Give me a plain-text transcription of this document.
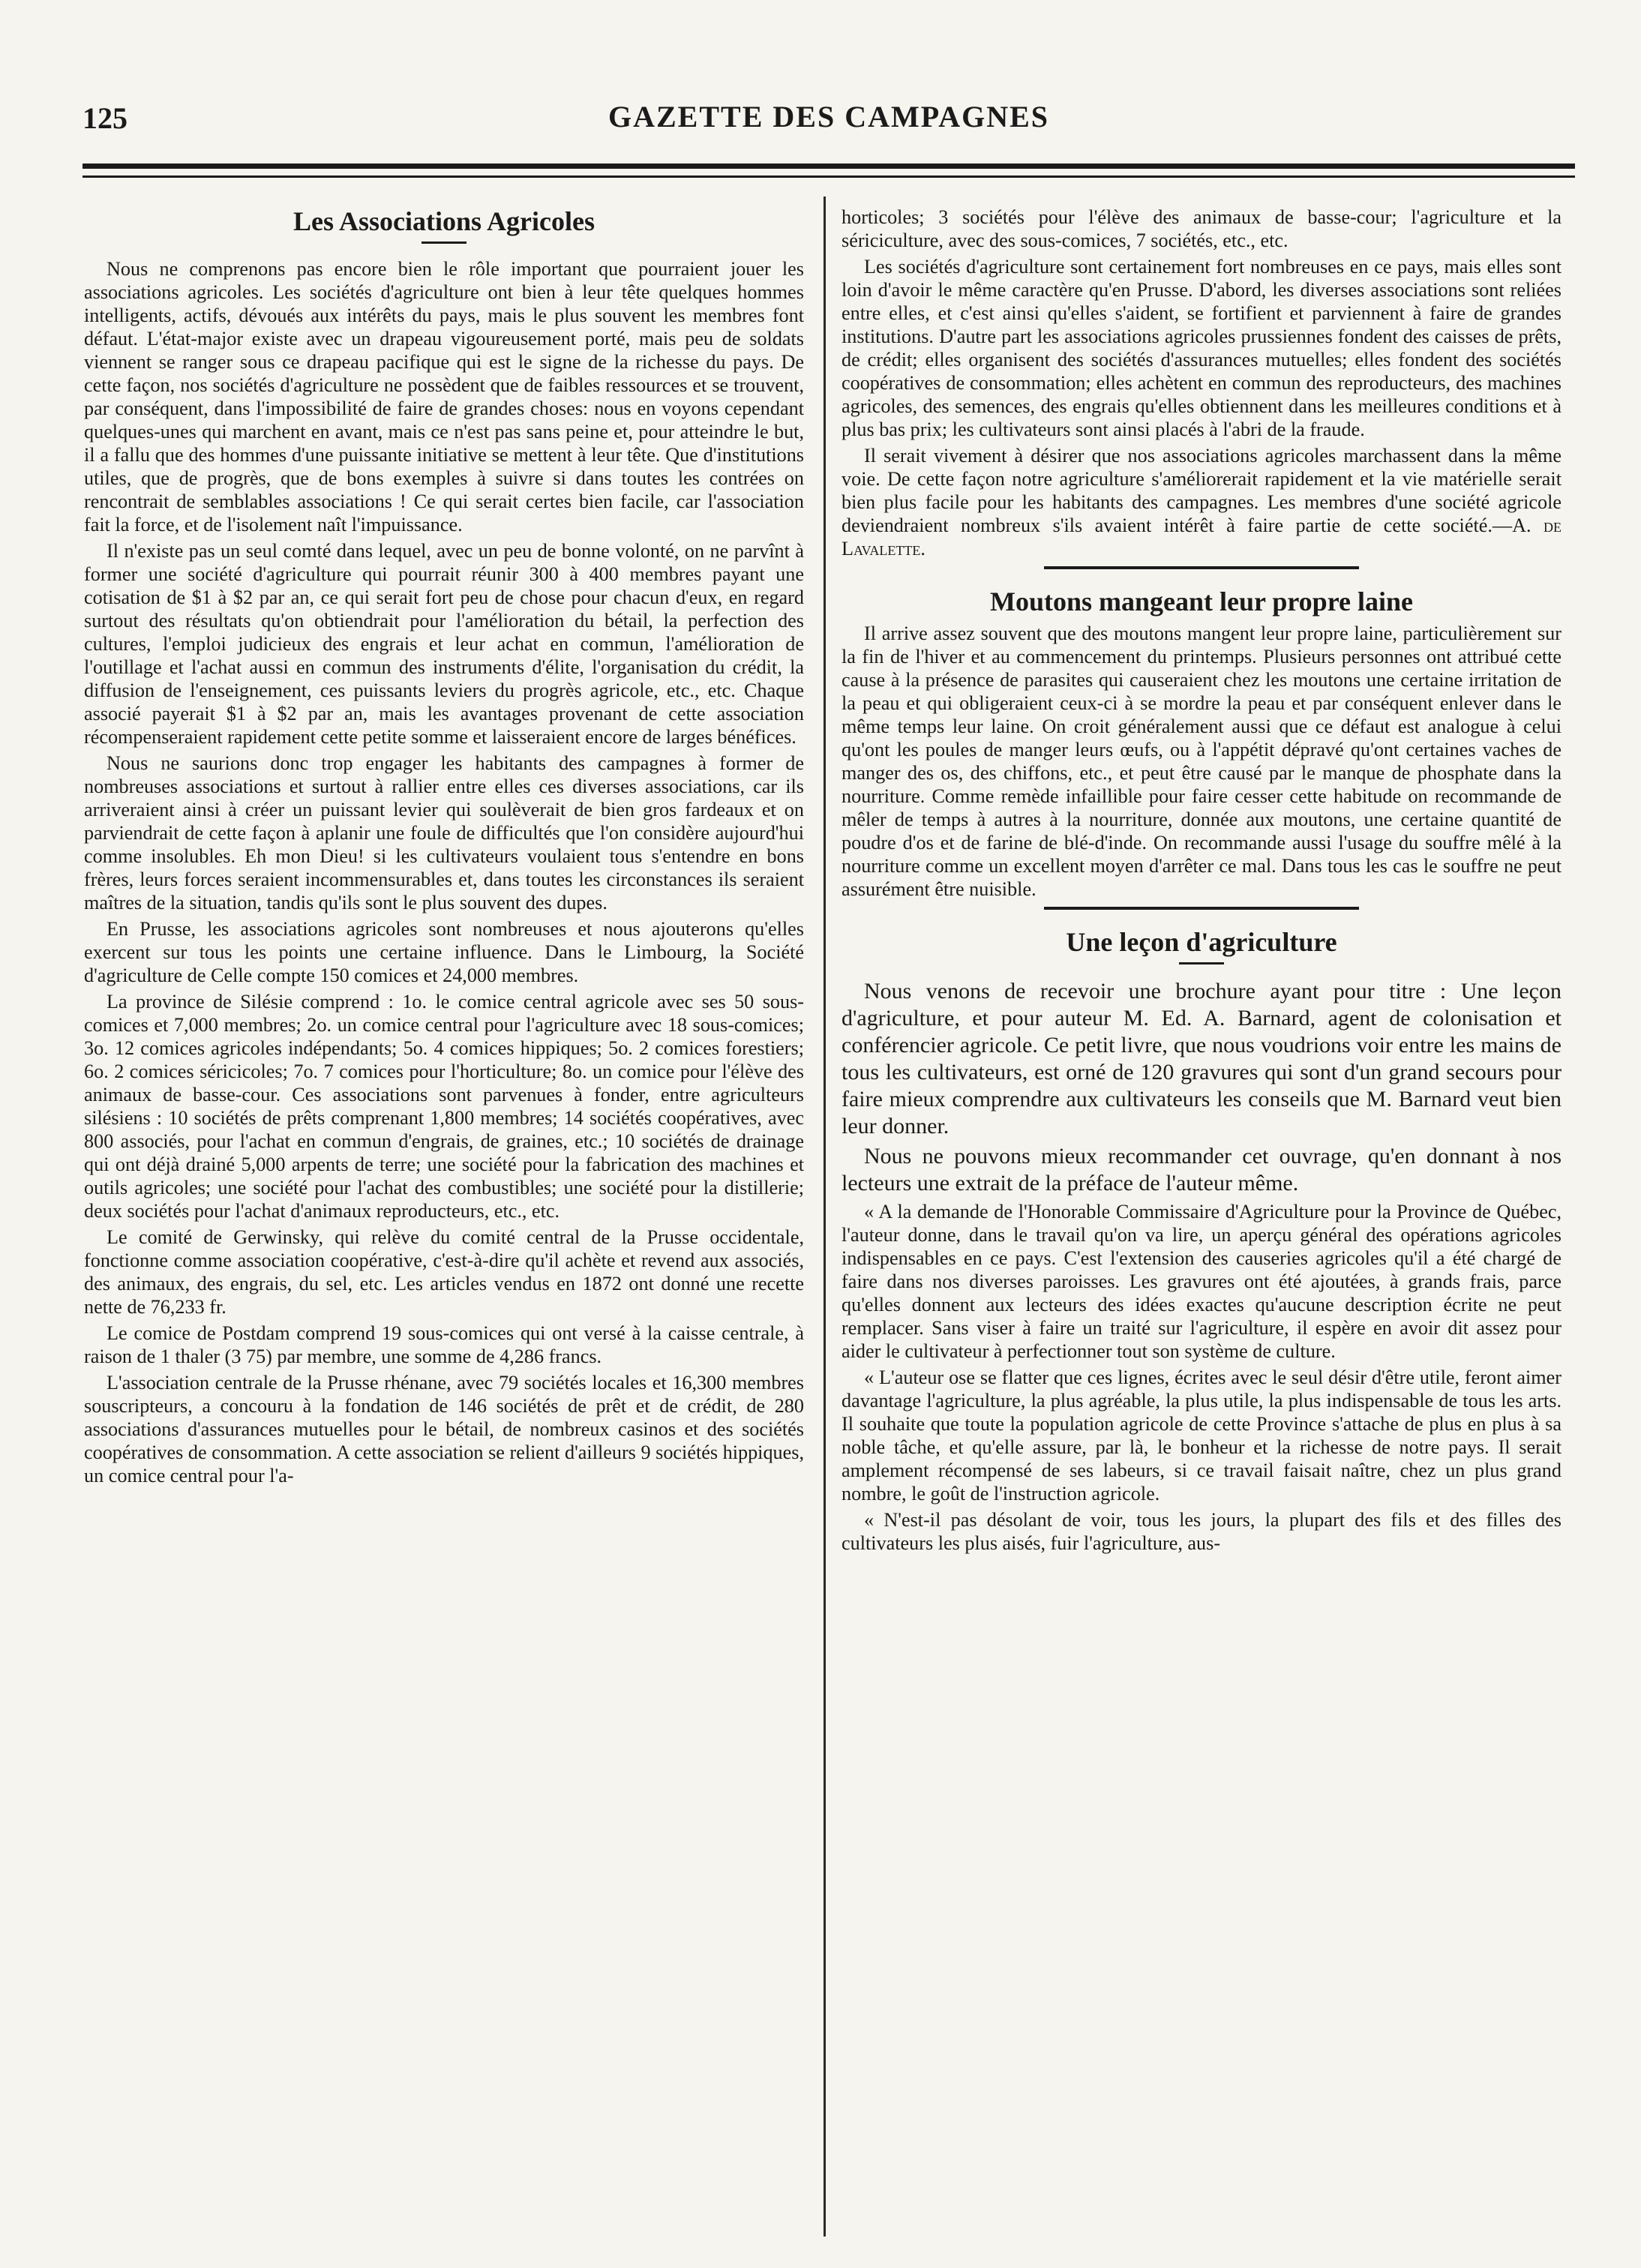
125	GAZETTE DES CAMPAGNES
Les Associations Agricoles

Nous ne comprenons pas encore bien le rôle important que pourraient jouer les associations agricoles. Les sociétés d'agriculture ont bien à leur tête quelques hommes intelligents, actifs, dévoués aux intérêts du pays, mais le plus souvent les membres font défaut. L'état-major existe avec un drapeau vigoureusement porté, mais peu de soldats viennent se ranger sous ce drapeau pacifique qui est le signe de la richesse du pays. De cette façon, nos sociétés d'agriculture ne possèdent que de faibles ressources et se trouvent, par conséquent, dans l'impossibilité de faire de grandes choses: nous en voyons cependant quelques-unes qui marchent en avant, mais ce n'est pas sans peine et, pour atteindre le but, il a fallu que des hommes d'une puissante initiative se mettent à leur tête. Que d'institutions utiles, que de progrès, que de bons exemples à suivre si dans toutes les contrées on rencontrait de semblables associations ! Ce qui serait certes bien facile, car l'association fait la force, et de l'isolement naît l'impuissance.

Il n'existe pas un seul comté dans lequel, avec un peu de bonne volonté, on ne parvînt à former une société d'agriculture qui pourrait réunir 300 à 400 membres payant une cotisation de $1 à $2 par an, ce qui serait fort peu de chose pour chacun d'eux, en regard surtout des résultats qu'on obtiendrait pour l'amélioration du bétail, la perfection des cultures, l'emploi judicieux des engrais et leur achat en commun, l'amélioration de l'outillage et l'achat aussi en commun des instruments d'élite, l'organisation du crédit, la diffusion de l'enseignement, ces puissants leviers du progrès agricole, etc., etc. Chaque associé payerait $1 à $2 par an, mais les avantages provenant de cette association récompenseraient rapidement cette petite somme et laisseraient encore de larges bénéfices.

Nous ne saurions donc trop engager les habitants des campagnes à former de nombreuses associations et surtout à rallier entre elles ces diverses associations, car ils arriveraient ainsi à créer un puissant levier qui soulèverait de bien gros fardeaux et on parviendrait de cette façon à aplanir une foule de difficultés que l'on considère aujourd'hui comme insolubles. Eh mon Dieu! si les cultivateurs voulaient tous s'entendre en bons frères, leurs forces seraient incommensurables et, dans toutes les circonstances ils seraient maîtres de la situation, tandis qu'ils sont le plus souvent des dupes.

En Prusse, les associations agricoles sont nombreuses et nous ajouterons qu'elles exercent sur tous les points une certaine influence. Dans le Limbourg, la Société d'agriculture de Celle compte 150 comices et 24,000 membres.

La province de Silésie comprend : 1o. le comice central agricole avec ses 50 sous-comices et 7,000 membres; 2o. un comice central pour l'agriculture avec 18 sous-comices; 3o. 12 comices agricoles indépendants; 5o. 4 comices hippiques; 5o. 2 comices forestiers; 6o. 2 comices séricicoles; 7o. 7 comices pour l'horticulture; 8o. un comice pour l'élève des animaux de basse-cour. Ces associations sont parvenues à fonder, entre agriculteurs silésiens : 10 sociétés de prêts comprenant 1,800 membres; 14 sociétés coopératives, avec 800 associés, pour l'achat en commun d'engrais, de graines, etc.; 10 sociétés de drainage qui ont déjà drainé 5,000 arpents de terre; une société pour la fabrication des machines et outils agricoles; une société pour l'achat des combustibles; une société pour la distillerie; deux sociétés pour l'achat d'animaux reproducteurs, etc., etc.

Le comité de Gerwinsky, qui relève du comité central de la Prusse occidentale, fonctionne comme association coopérative, c'est-à-dire qu'il achète et revend aux associés, des animaux, des engrais, du sel, etc. Les articles vendus en 1872 ont donné une recette nette de 76,233 fr.

Le comice de Postdam comprend 19 sous-comices qui ont versé à la caisse centrale, à raison de 1 thaler (3 75) par membre, une somme de 4,286 francs.

L'association centrale de la Prusse rhénane, avec 79 sociétés locales et 16,300 membres souscripteurs, a concouru à la fondation de 146 sociétés de prêt et de crédit, de 280 associations d'assurances mutuelles pour le bétail, de nombreux casinos et des sociétés coopératives de consommation. A cette association se relient d'ailleurs 9 sociétés hippiques, un comice central pour l'a-

horticoles; 3 sociétés pour l'élève des animaux de basse-cour; l'agriculture et la sériciculture, avec des sous-comices, 7 sociétés, etc., etc.

Les sociétés d'agriculture sont certainement fort nombreuses en ce pays, mais elles sont loin d'avoir le même caractère qu'en Prusse. D'abord, les diverses associations sont reliées entre elles, et c'est ainsi qu'elles s'aident, se fortifient et parviennent à faire de grandes institutions. D'autre part les associations agricoles prussiennes fondent des caisses de prêts, de crédit; elles organisent des sociétés d'assurances mutuelles; elles fondent des sociétés coopératives de consommation; elles achètent en commun des reproducteurs, des machines agricoles, des semences, des engrais qu'elles obtiennent dans les meilleures conditions et à plus bas prix; les cultivateurs sont ainsi placés à l'abri de la fraude.

Il serait vivement à désirer que nos associations agricoles marchassent dans la même voie. De cette façon notre agriculture s'améliorerait rapidement et la vie matérielle serait bien plus facile pour les habitants des campagnes. Les membres d'une société agricole deviendraient nombreux s'ils avaient intérêt à faire partie de cette société.—A. de Lavalette.

Moutons mangeant leur propre laine

Il arrive assez souvent que des moutons mangent leur propre laine, particulièrement sur la fin de l'hiver et au commencement du printemps. Plusieurs personnes ont attribué cette cause à la présence de parasites qui causeraient chez les moutons une certaine irritation de la peau et qui obligeraient ceux-ci à se mordre la peau et par conséquent enlever dans le même temps leur laine. On croit généralement aussi que ce défaut est analogue à celui qu'ont les poules de manger leurs œufs, ou à l'appétit dépravé qu'ont certaines vaches de manger des os, des chiffons, etc., et peut être causé par le manque de phosphate dans la nourriture. Comme remède infaillible pour faire cesser cette habitude on recommande de mêler de temps à autres à la nourriture, donnée aux moutons, une certaine quantité de poudre d'os et de farine de blé-d'inde. On recommande aussi l'usage du souffre mêlé à la nourriture comme un excellent moyen d'arrêter ce mal. Dans tous les cas le souffre ne peut assurément être nuisible.

Une leçon d'agriculture

Nous venons de recevoir une brochure ayant pour titre : Une leçon d'agriculture, et pour auteur M. Ed. A. Barnard, agent de colonisation et conférencier agricole. Ce petit livre, que nous voudrions voir entre les mains de tous les cultivateurs, est orné de 120 gravures qui sont d'un grand secours pour faire mieux comprendre aux cultivateurs les conseils que M. Barnard veut bien leur donner.

Nous ne pouvons mieux recommander cet ouvrage, qu'en donnant à nos lecteurs une extrait de la préface de l'auteur même.

« A la demande de l'Honorable Commissaire d'Agriculture pour la Province de Québec, l'auteur donne, dans le travail qu'on va lire, un aperçu général des opérations agricoles indispensables en ce pays. C'est l'extension des causeries agricoles qu'il a été chargé de faire dans nos diverses paroisses. Les gravures ont été ajoutées, à grands frais, parce qu'elles donnent aux lecteurs des idées exactes qu'aucune description écrite ne peut remplacer. Sans viser à faire un traité sur l'agriculture, il espère en avoir dit assez pour aider le cultivateur à perfectionner tout son système de culture.

« L'auteur ose se flatter que ces lignes, écrites avec le seul désir d'être utile, feront aimer davantage l'agriculture, la plus agréable, la plus utile, la plus indispensable de tous les arts. Il souhaite que toute la population agricole de cette Province s'attache de plus en plus à sa noble tâche, et qu'elle assure, par là, le bonheur et la richesse de notre pays. Il serait amplement récompensé de ses labeurs, si ce travail faisait naître, chez un plus grand nombre, le goût de l'instruction agricole.

« N'est-il pas désolant de voir, tous les jours, la plupart des fils et des filles des cultivateurs les plus aisés, fuir l'agriculture, aus-
